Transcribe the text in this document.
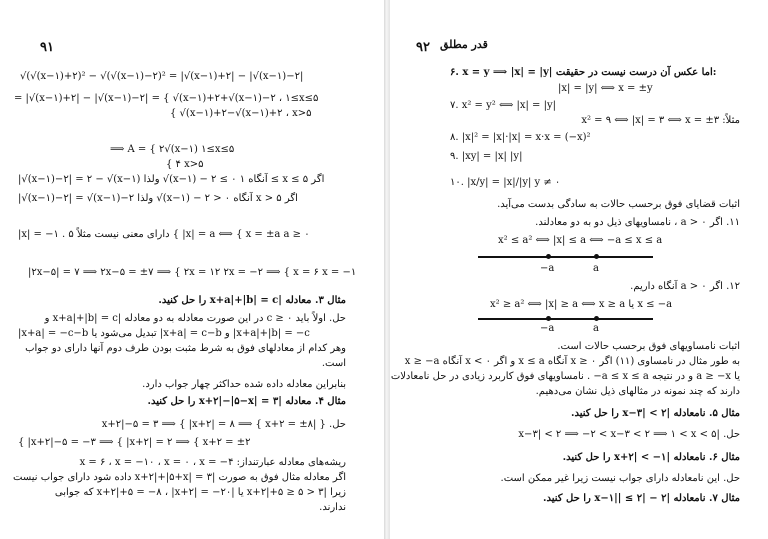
۹۱
√(√(x−۱)+۲)² − √(√(x−۱)−۲)² = |√(x−۱)+۲| − |√(x−۱)−۲|
= |√(x−۱)+۲| − |√(x−۱)−۲| = { √(x−۱)+۲+√(x−۱)−۲ ، ۱≤x≤۵
{ √(x−۱)+۲−√(x−۱)+۲ ، x>۵
⟹ A = { ۲√(x−۱) ۱≤x≤۵
{ ۴ x>۵
|√(x−۱)−۲| = ۲ − √(x−۱) ولذا √(x−۱) − ۲ ≤ ۰ آنگاه ۱ ≤ x ≤ ۵ اگر
|√(x−۱)−۲| = √(x−۱)−۲ ولذا √(x−۱) − ۲ > ۰ آنگاه x > ۵ اگر
|x| = −۱ . ۵ دارای معنی نیست مثلاً { |x| = a ⟺ { x = ±a a ≥ ۰
|۲x−۵| = ۷ ⟹ ۲x−۵ = ±۷ ⟹ { ۲x = ۱۲ ۲x = −۲ ⟹ { x = ۶ x = −۱
مثال ۳. معادله |x+a|+|b| = c را حل کنید.
حل. اولاً باید c ≥ ۰ در این صورت معادله به دو معادله |x+a|+|b| = c و
|x+a| = −c−b تبدیل می‌شود یا |x+a| = c−b و |x+a|+|b| = −c
وهر کدام از معادلهای فوق به شرط مثبت بودن طرف دوم آنها دارای دو جواب
است.
بنابراین معادله داده شده حداکثر چهار جواب دارد.
مثال ۴. معادله |x+۲|−|۵−x| = ۳ را حل کنید.
حل. { |x+۲|−۵ = ۳ ⟹ { |x+۲| = ۸ ⟹ { x+۲ = ±۸
{ |x+۲|−۵ = −۳ ⟹ { |x+۲| = ۲ ⟹ { x+۲ = ±۲
ریشه‌های معادله عبارتنداز: x = ۶ ، x = −۱۰ ، x = ۰ ، x = −۴
اگر معادله مثال فوق به صورت |x+۲|+|۵+x| = ۳ داده شود دارای جواب نیست
زیرا |x+۲|+۵ ≥ ۵ > ۳ یا |x+۲|+۵ = −۸ ، |x+۲| = −۲۰ که جوابی
ندارند.
۹۲ قدر مطلق
۶. x = y ⟹ |x| = |y| اما عکس آن درست نیست در حقیقت:
|x| = |y| ⟺ x = ±y
۷. x² = y² ⟺ |x| = |y|
مثلاً: x² = ۹ ⟺ |x| = ۳ ⟺ x = ±۳
۸. |x|² = |x|·|x| = x·x = (−x)²
۹. |xy| = |x| |y|
۱۰. |x/y| = |x|/|y| y ≠ ۰
اثبات قضایای فوق برحسب حالات به سادگی بدست می‌آید.
۱۱. اگر a > ۰ ، نامساویهای ذیل دو به دو معادلند.
x² ≤ a² ⟺ |x| ≤ a ⟺ −a ≤ x ≤ a
−a	a
۱۲. اگر a > ۰ آنگاه داریم.
x² ≥ a² ⟺ |x| ≥ a ⟺ x ≥ a یا x ≤ −a
−a	a
اثبات نامساویهای فوق برحسب حالات است.
به طور مثال در نامساوی (۱۱) اگر x ≥ ۰ آنگاه x ≤ a و اگر x < ۰ آنگاه x ≥ −a
یا a ≥ −x و در نتیجه a ≤ x ≤ a− . نامساویهای فوق کاربرد زیادی در حل نامعادلات
دارند که چند نمونه در مثالهای ذیل نشان می‌دهیم.
مثال ۵. نامعادله |x−۳| < ۲ را حل کنید.
حل. |x−۳| < ۲ ⟹ −۲ < x−۳ < ۲ ⟹ ۱ < x < ۵
مثال ۶. نامعادله |x+۲| < −۱ را حل کنید.
حل. این نامعادله دارای جواب نیست زیرا غیر ممکن است.
مثال ۷. نامعادله |۲ − |x−۱|| ≤ ۲ را حل کنید.
